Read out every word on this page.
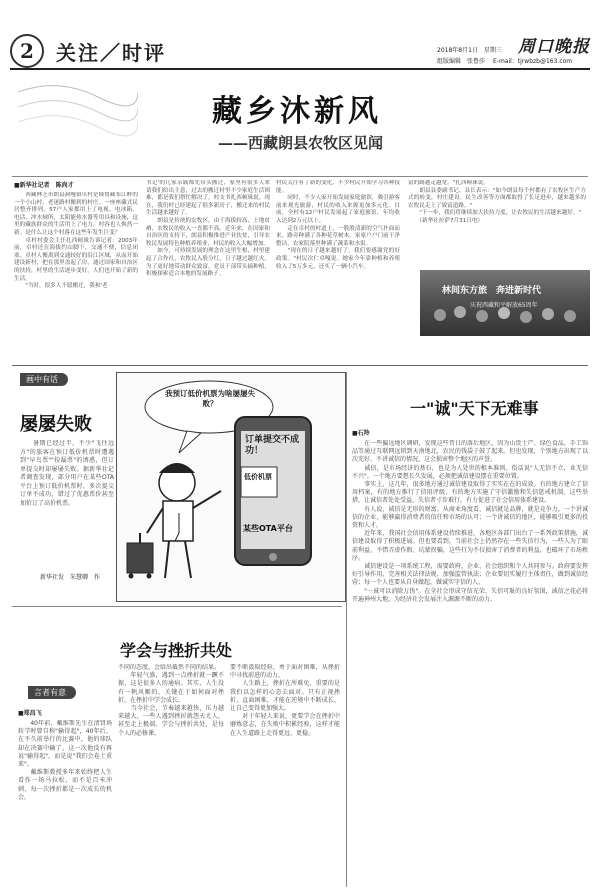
2	关注／时评	2018年8月1日　星期三
组版编辑　张鲁莎 E-mail：tjrwbzb@163.com
周口晚报
藏乡沐新风
——西藏朗县农牧区见闻
■新华社记者　陈尚才
　　西藏林芝市朗县洞嘎镇卓村是隆鲁藏布江畔的一个小山村，老迷路村搬到的村庄。一座座藏式民居整齐排列，57户人家都用上了电视、电冰箱、电话、冲水厕所，太阳能热水器等用具和设施，这里的藏族群众的生活用上了电力，村容也人焕然一新。是什么让这个村落在这些年发生巨变？
　　卓村村委会主任扎西顿珠告诉记者：2003年前，卓村还在海拔约山脚下，交通不便，信息闭塞。卓村人搬离到交通较好的沿江区域，从而开始建设新村，把在那里盖起了房，通过国家和自治区的扶持，村里的生活逐步变好，人们也开始了新的生活。
　　"当时，很多人不愿搬迁，我和'老
书记'的几家亲戚都先带头搬迁，家里有很多人来请我们给出主意，过去的搬迁村里不少家庭生活困难，都是我们帮忙解决了。村支书扎西顿珠说。现在，我们村已经建起了很多新房子，搬迁来的村民生活越来越好了。
　　朗县是传统的农牧区，由于海拔较高，土地贫瘠，农牧民的收入一直都不高。近年来，在国家和自治区的支持下，朗县积极推进产业扶贫，引导农牧民发展特色种植养殖业，村民的收入大幅增加。
　　如今，可持续发展的理念在这里生根，村里建起了合作社，农牧民入股分红，日子越过越红火。为了更好地带动群众致富，党员干部带头搞种植，积极探索适合本地的发展路子。
村民关注有了新的变化，不少村民开始学习各种技能。
　　同时，不少人家开始发展家庭旅馆，吸引游客前来观光旅游，村民的收入来源更加多元化。目前，全村有12户村民发展起了家庭旅馆，年均收入达到2万元以上。
　　走在卓村的村道上，一股股清新的空气扑面而来。路旁种满了各种花草树木，家家户户门前干净整洁，农家院落里种满了蔬菜和水果。
　　"现在的日子越来越好了，我们要感谢党的好政策。"村民次仁卓嘎说。她家今年靠种植和养殖收入了5万多元，还买了一辆小汽车。
富的路越走越宽。"扎西顿珠说。
　　朗县县委副书记、县长表示："如今朗县每个村都有了农牧区生产方式的转变，村庄建设、民生改善等方面都取得了长足进步，越来越多的农牧民走上了致富道路。"
　　"下一步，我们将继续加大扶持力度，让农牧民的生活越来越好。"
　　（新华社拉萨7月31日电）
林间东方旅　奔进新时代
庆祝西藏和平解放65周年
画中有话
屡屡失败
　　暑期已经过半，不少"飞往远方"的旅客在预订低价机票时遭遇到"早鸟票""捡漏票"的诱惑，但订单提交时却屡屡失败。据新华社记者调查发现，部分用户在某些OTA平台上预订低价机票时，多次提交订单不成功，错过了优惠票价甚至加价订了高价机票。
新华社发　朱慧卿　作
我预订低价机票为啥屡屡失败？
订单提交不成功！
低价机票
某些OTA平台
一"诚"天下无难事
■石羚
　　在一些偏远地区调研，发现这些昔日的落后地区，因为山货土产、绿色食品，手工饰品等通过互联网远销到天南地北，农民的钱袋子鼓了起来。但也发现，个别地方出现了以次充好、不讲诚信的情况，这会损害整个地区的声誉。
　　诚信，是市场经济的基石，也是为人处世的根本准则。俗话说"人无信不立，业无信不兴"。一个地方要想长久发展，必须把诚信建设摆在重要位置。
　　事实上，这几年，很多地方通过诚信建设取得了实实在在的成效。有的地方建立了信用档案，有的地方推行了信用评级，有的地方实施了守信激励和失信惩戒机制。这些举措，让诚信者处处受益，失信者寸步难行，有力促进了社会信用体系建设。
　　有人说，诚信是无形的财富。从商业角度看，诚信就是品牌，就是竞争力。一个讲诚信的企业，能够赢得消费者的信任和市场的认可；一个讲诚信的地区，能够吸引更多的投资和人才。
　　近年来，我国社会信用体系建设持续推进，各地区各部门出台了一系列政策措施，诚信建设取得了积极进展。但也要看到，当前社会上仍然存在一些失信行为，一些人为了眼前利益，不惜弄虚作假、坑蒙拐骗，这些行为不仅损害了消费者的利益，也破坏了市场秩序。
　　诚信建设是一项系统工程，需要政府、企业、社会组织和个人共同参与。政府要发挥好引导作用，完善相关法律法规，加强监管执法；企业要切实履行主体责任，做到诚信经营；每一个人也要从自身做起，做诚实守信的人。
　　"一诚可以消除万伪"。在全社会形成守信光荣、失信可耻的良好氛围，诚信之花必将开遍神州大地，为经济社会发展注入源源不断的动力。
学会与挫折共处
言者有意
■郑昌飞
　　40年前，戴维斯先生在清肾场转学时曾自称"输得起"，40年后，在不久前举行的比赛中，他的球队却在决赛中输了。这一次他没有再说"输得起"，而是说"我们会卷土重来"。
　　戴维斯教授多年来始终把人生看作一场马拉松，而不是百米冲刺，每一次挫折都是一次成长的机会。
不同的态度，会给出截然不同的结果。
　　年轻气盛，遇到一点挫折就一蹶不振，这是很多人的通病。其实，人生没有一帆风顺的，关键在于如何面对挫折，在挫折中学会成长。
　　当今社会，节奏越来越快，压力越来越大，一些人遇到挫折就怨天尤人，甚至走上极端。学会与挫折共处，是每个人的必修课。
要不断汲取经验，勇于面对困难，从挫折中寻找前进的动力。
　　人生路上，挫折在所难免，重要的是我们以怎样的心态去面对。只有正视挫折、直面困难，才能在逆境中不断成长，让自己变得更加强大。
　　对于年轻人来说，更要学会在挫折中磨炼意志，在失败中积累经验，这样才能在人生道路上走得更远、更稳。
